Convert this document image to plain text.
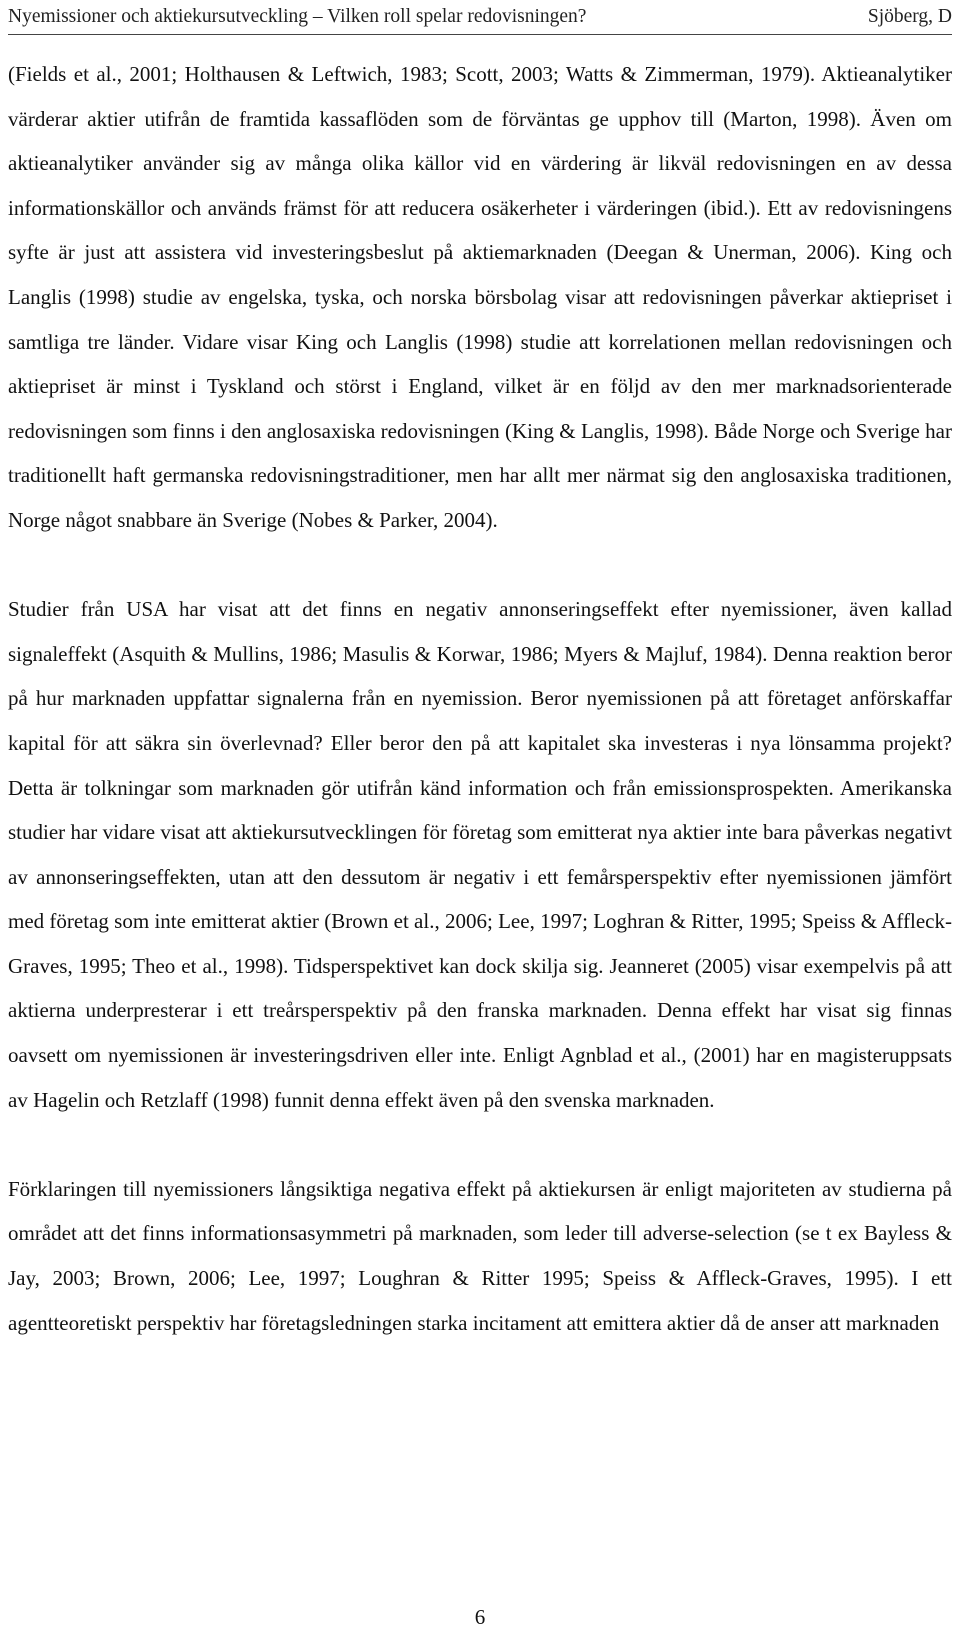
Nyemissioner och aktiekursutveckling – Vilken roll spelar redovisningen?	Sjöberg, D

(Fields et al., 2001; Holthausen & Leftwich, 1983; Scott, 2003; Watts & Zimmerman, 1979). Aktieanalytiker värderar aktier utifrån de framtida kassaflöden som de förväntas ge upphov till (Marton, 1998). Även om aktieanalytiker använder sig av många olika källor vid en värdering är likväl redovisningen en av dessa informationskällor och används främst för att reducera osäkerheter i värderingen (ibid.). Ett av redovisningens syfte är just att assistera vid investeringsbeslut på aktiemarknaden (Deegan & Unerman, 2006). King och Langlis (1998) studie av engelska, tyska, och norska börsbolag visar att redovisningen påverkar aktiepriset i samtliga tre länder. Vidare visar King och Langlis (1998) studie att korrelationen mellan redovisningen och aktiepriset är minst i Tyskland och störst i England, vilket är en följd av den mer marknadsorienterade redovisningen som finns i den anglosaxiska redovisningen (King & Langlis, 1998). Både Norge och Sverige har traditionellt haft germanska redovisningstraditioner, men har allt mer närmat sig den anglosaxiska traditionen, Norge något snabbare än Sverige (Nobes & Parker, 2004).

Studier från USA har visat att det finns en negativ annonseringseffekt efter nyemissioner, även kallad signaleffekt (Asquith & Mullins, 1986; Masulis & Korwar, 1986; Myers & Majluf, 1984). Denna reaktion beror på hur marknaden uppfattar signalerna från en nyemission. Beror nyemissionen på att företaget anförskaffar kapital för att säkra sin överlevnad? Eller beror den på att kapitalet ska investeras i nya lönsamma projekt? Detta är tolkningar som marknaden gör utifrån känd information och från emissionsprospekten. Amerikanska studier har vidare visat att aktiekursutvecklingen för företag som emitterat nya aktier inte bara påverkas negativt av annonseringseffekten, utan att den dessutom är negativ i ett femårsperspektiv efter nyemissionen jämfört med företag som inte emitterat aktier (Brown et al., 2006; Lee, 1997; Loghran & Ritter, 1995; Speiss & Affleck-Graves, 1995; Theo et al., 1998). Tidsperspektivet kan dock skilja sig. Jeanneret (2005) visar exempelvis på att aktierna underpresterar i ett treårsperspektiv på den franska marknaden. Denna effekt har visat sig finnas oavsett om nyemissionen är investeringsdriven eller inte. Enligt Agnblad et al., (2001) har en magisteruppsats av Hagelin och Retzlaff (1998) funnit denna effekt även på den svenska marknaden.

Förklaringen till nyemissioners långsiktiga negativa effekt på aktiekursen är enligt majoriteten av studierna på området att det finns informationsasymmetri på marknaden, som leder till adverse-selection (se t ex Bayless & Jay, 2003; Brown, 2006; Lee, 1997; Loughran & Ritter 1995; Speiss & Affleck-Graves, 1995). I ett agentteoretiskt perspektiv har företagsledningen starka incitament att emittera aktier då de anser att marknaden

6
